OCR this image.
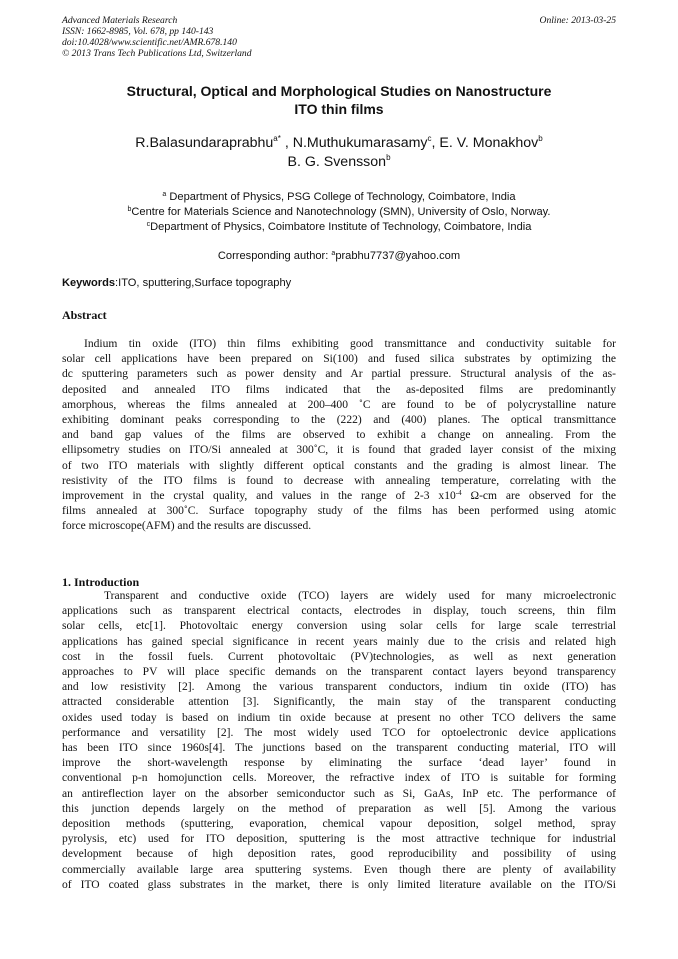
Advanced Materials Research
ISSN: 1662-8985, Vol. 678, pp 140-143
doi:10.4028/www.scientific.net/AMR.678.140
© 2013 Trans Tech Publications Ltd, Switzerland
Online: 2013-03-25
Structural, Optical and Morphological Studies on Nanostructure
ITO thin films
R.Balasundaraprabhu$^{a*}$ , N.Muthukumarasamy$^c$, E. V. Monakhov$^b$
B. G. Svensson$^b$
$^a$ Department of Physics, PSG College of Technology, Coimbatore, India
$^b$Centre for Materials Science and Nanotechnology (SMN), University of Oslo, Norway.
$^c$Department of Physics, Coimbatore Institute of Technology, Coimbatore, India
Corresponding author: $^a$prabhu7737@yahoo.com
Keywords:ITO, sputtering,Surface topography
Abstract
Indium tin oxide (ITO) thin films exhibiting good transmittance and conductivity suitable for
solar cell applications have been prepared on Si(100) and fused silica substrates by optimizing the
dc sputtering parameters such as power density and Ar partial pressure. Structural analysis of the as-
deposited and annealed ITO films indicated that the as-deposited films are predominantly
amorphous, whereas the films annealed at 200–400 ˚C are found to be of polycrystalline nature
exhibiting dominant peaks corresponding to the (222) and (400) planes. The optical transmittance
and band gap values of the films are observed to exhibit a change on annealing. From the
ellipsometry studies on ITO/Si annealed at 300˚C, it is found that graded layer consist of the mixing
of two ITO materials with slightly different optical constants and the grading is almost linear. The
resistivity of the ITO films is found to decrease with annealing temperature, correlating with the
improvement in the crystal quality, and values in the range of 2-3 $x10^{-4}$ Ω-cm are observed for the
films annealed at 300˚C. Surface topography study of the films has been performed using atomic
force microscope(AFM) and the results are discussed.
1. Introduction
Transparent and conductive oxide (TCO) layers are widely used for many microelectronic
applications such as transparent electrical contacts, electrodes in display, touch screens, thin film
solar cells, etc[1]. Photovoltaic energy conversion using solar cells for large scale terrestrial
applications has gained special significance in recent years mainly due to the crisis and related high
cost in the fossil fuels. Current photovoltaic (PV)technologies, as well as next generation
approaches to PV will place specific demands on the transparent contact layers beyond transparency
and low resistivity [2]. Among the various transparent conductors, indium tin oxide (ITO) has
attracted considerable attention [3]. Significantly, the main stay of the transparent conducting
oxides used today is based on indium tin oxide because at present no other TCO delivers the same
performance and versatility [2]. The most widely used TCO for optoelectronic device applications
has been ITO since 1960s[4]. The junctions based on the transparent conducting material, ITO will
improve the short-wavelength response by eliminating the surface ‘dead layer’ found in
conventional p-n homojunction cells. Moreover, the refractive index of ITO is suitable for forming
an antireflection layer on the absorber semiconductor such as Si, GaAs, InP etc. The performance of
this junction depends largely on the method of preparation as well [5]. Among the various
deposition methods (sputtering, evaporation, chemical vapour deposition, solgel method, spray
pyrolysis, etc) used for ITO deposition, sputtering is the most attractive technique for industrial
development because of high deposition rates, good reproducibility and possibility of using
commercially available large area sputtering systems. Even though there are plenty of availability
of ITO coated glass substrates in the market, there is only limited literature available on the ITO/Si
